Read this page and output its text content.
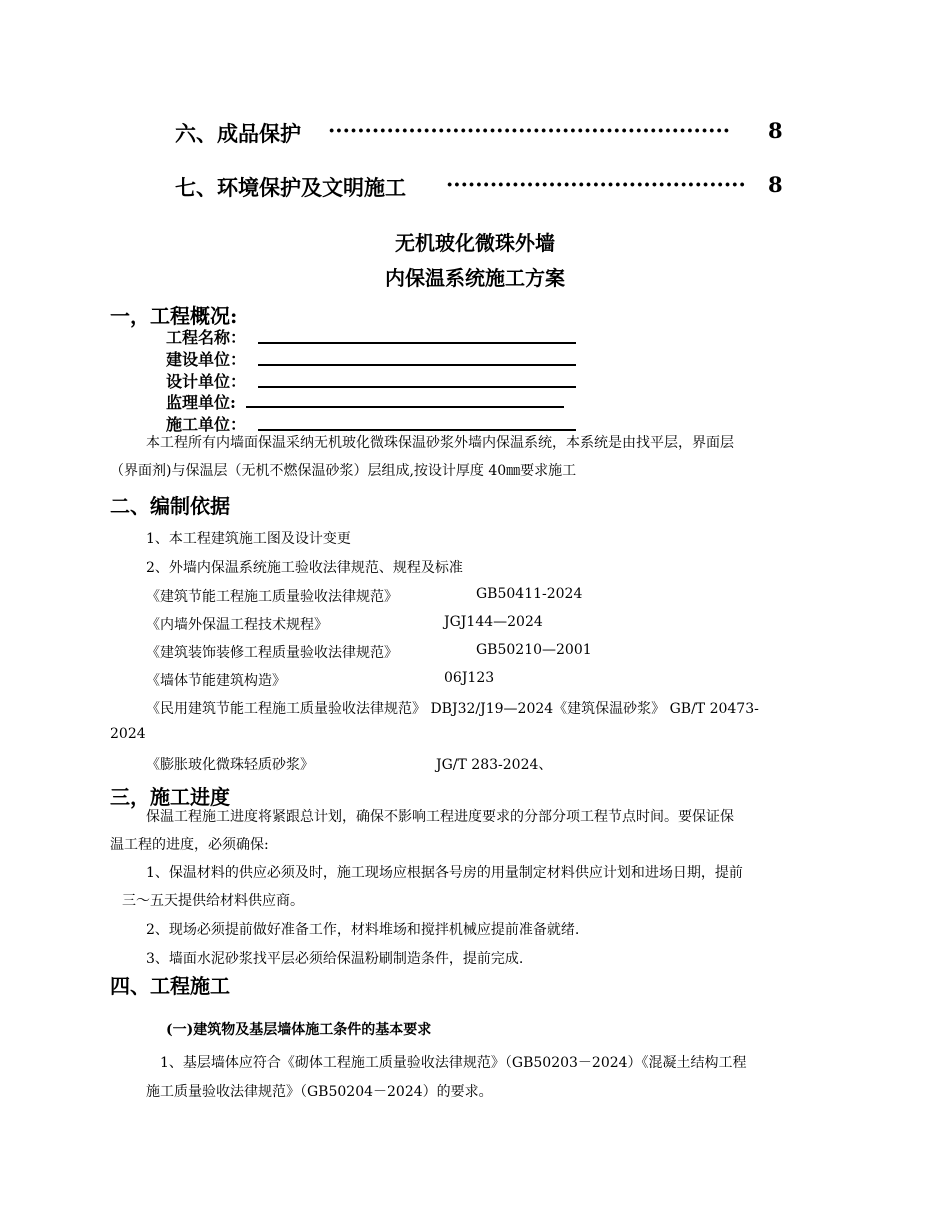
六、成品保护 ······················································· 8
七、环境保护及文明施工 ········································· 8
无机玻化微珠外墙
内保温系统施工方案
一，工程概况:
工程名称：
建设单位：
设计单位：
监理单位:
施工单位：
本工程所有内墙面保温采纳无机玻化微珠保温砂浆外墙内保温系统，本系统是由找平层，界面层
（界面剂)与保温层（无机不燃保温砂浆）层组成,按设计厚度 40㎜要求施工
二、编制依据
1、本工程建筑施工图及设计变更
2、外墙内保温系统施工验收法律规范、规程及标准
《建筑节能工程施工质量验收法律规范》	GB50411-2024
《内墙外保温工程技术规程》	JGJ144—2024
《建筑装饰装修工程质量验收法律规范》	GB50210—2001
《墙体节能建筑构造》	06J123
《民用建筑节能工程施工质量验收法律规范》 DBJ32/J19—2024《建筑保温砂浆》 GB/T 20473-
2024
《膨胀玻化微珠轻质砂浆》	JG/T 283-2024、
三，施工进度
保温工程施工进度将紧跟总计划，确保不影响工程进度要求的分部分项工程节点时间。要保证保
温工程的进度，必须确保:
1、保温材料的供应必须及时，施工现场应根据各号房的用量制定材料供应计划和进场日期，提前
三～五天提供给材料供应商。
2、现场必须提前做好准备工作，材料堆场和搅拌机械应提前准备就绪.
3、墙面水泥砂浆找平层必须给保温粉刷制造条件，提前完成.
四、工程施工
(一)建筑物及基层墙体施工条件的基本要求
1、基层墙体应符合《砌体工程施工质量验收法律规范》（GB50203－2024）《混凝土结构工程
施工质量验收法律规范》（GB50204－2024）的要求。
